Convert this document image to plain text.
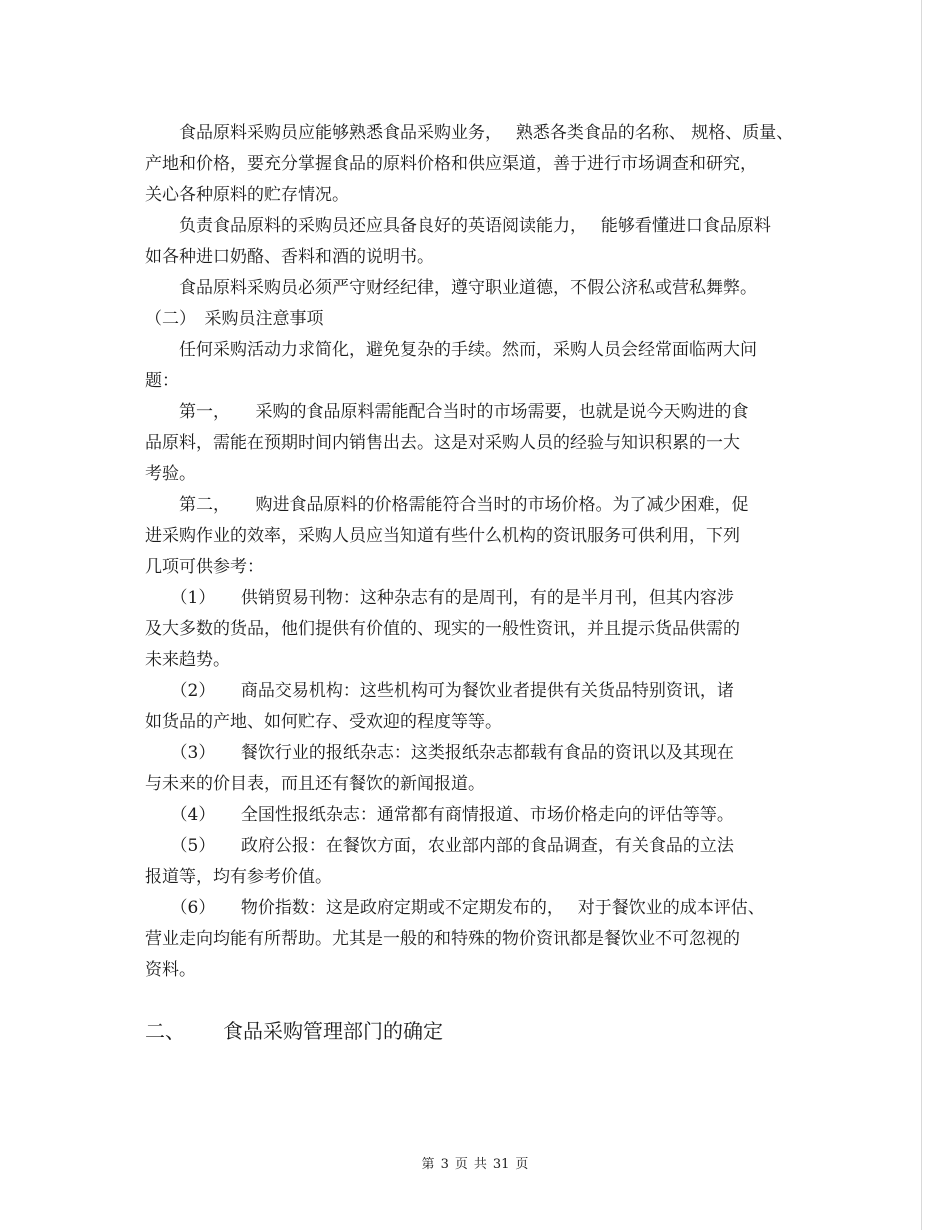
　　食品原料采购员应能够熟悉食品采购业务，　 熟悉各类食品的名称、 规格、质量、
产地和价格，要充分掌握食品的原料价格和供应渠道，善于进行市场调查和研究，
关心各种原料的贮存情况。
　　负责食品原料的采购员还应具备良好的英语阅读能力，　 能够看懂进口食品原料
如各种进口奶酪、香料和酒的说明书。
　　食品原料采购员必须严守财经纪律，遵守职业道德，不假公济私或营私舞弊。
（二）　采购员注意事项
　　任何采购活动力求简化，避免复杂的手续。然而，采购人员会经常面临两大问
题：
　　第一，　　采购的食品原料需能配合当时的市场需要，也就是说今天购进的食
品原料，需能在预期时间内销售出去。这是对采购人员的经验与知识积累的一大
考验。
　　第二，　　购进食品原料的价格需能符合当时的市场价格。为了减少困难，促
进采购作业的效率，采购人员应当知道有些什么机构的资讯服务可供利用，下列
几项可供参考：
　　（1）　　供销贸易刊物：这种杂志有的是周刊，有的是半月刊，但其内容涉
及大多数的货品，他们提供有价值的、现实的一般性资讯，并且提示货品供需的
未来趋势。
　　（2）　　商品交易机构：这些机构可为餐饮业者提供有关货品特别资讯，诸
如货品的产地、如何贮存、受欢迎的程度等等。
　　（3）　　餐饮行业的报纸杂志：这类报纸杂志都载有食品的资讯以及其现在
与未来的价目表，而且还有餐饮的新闻报道。
　　（4）　　全国性报纸杂志：通常都有商情报道、市场价格走向的评估等等。
　　（5）　　政府公报：在餐饮方面，农业部内部的食品调查，有关食品的立法
报道等，均有参考价值。
　　（6）　　物价指数：这是政府定期或不定期发布的，　 对于餐饮业的成本评估、
营业走向均能有所帮助。尤其是一般的和特殊的物价资讯都是餐饮业不可忽视的
资料。
二、 食品采购管理部门的确定
第 3 页 共 31 页
